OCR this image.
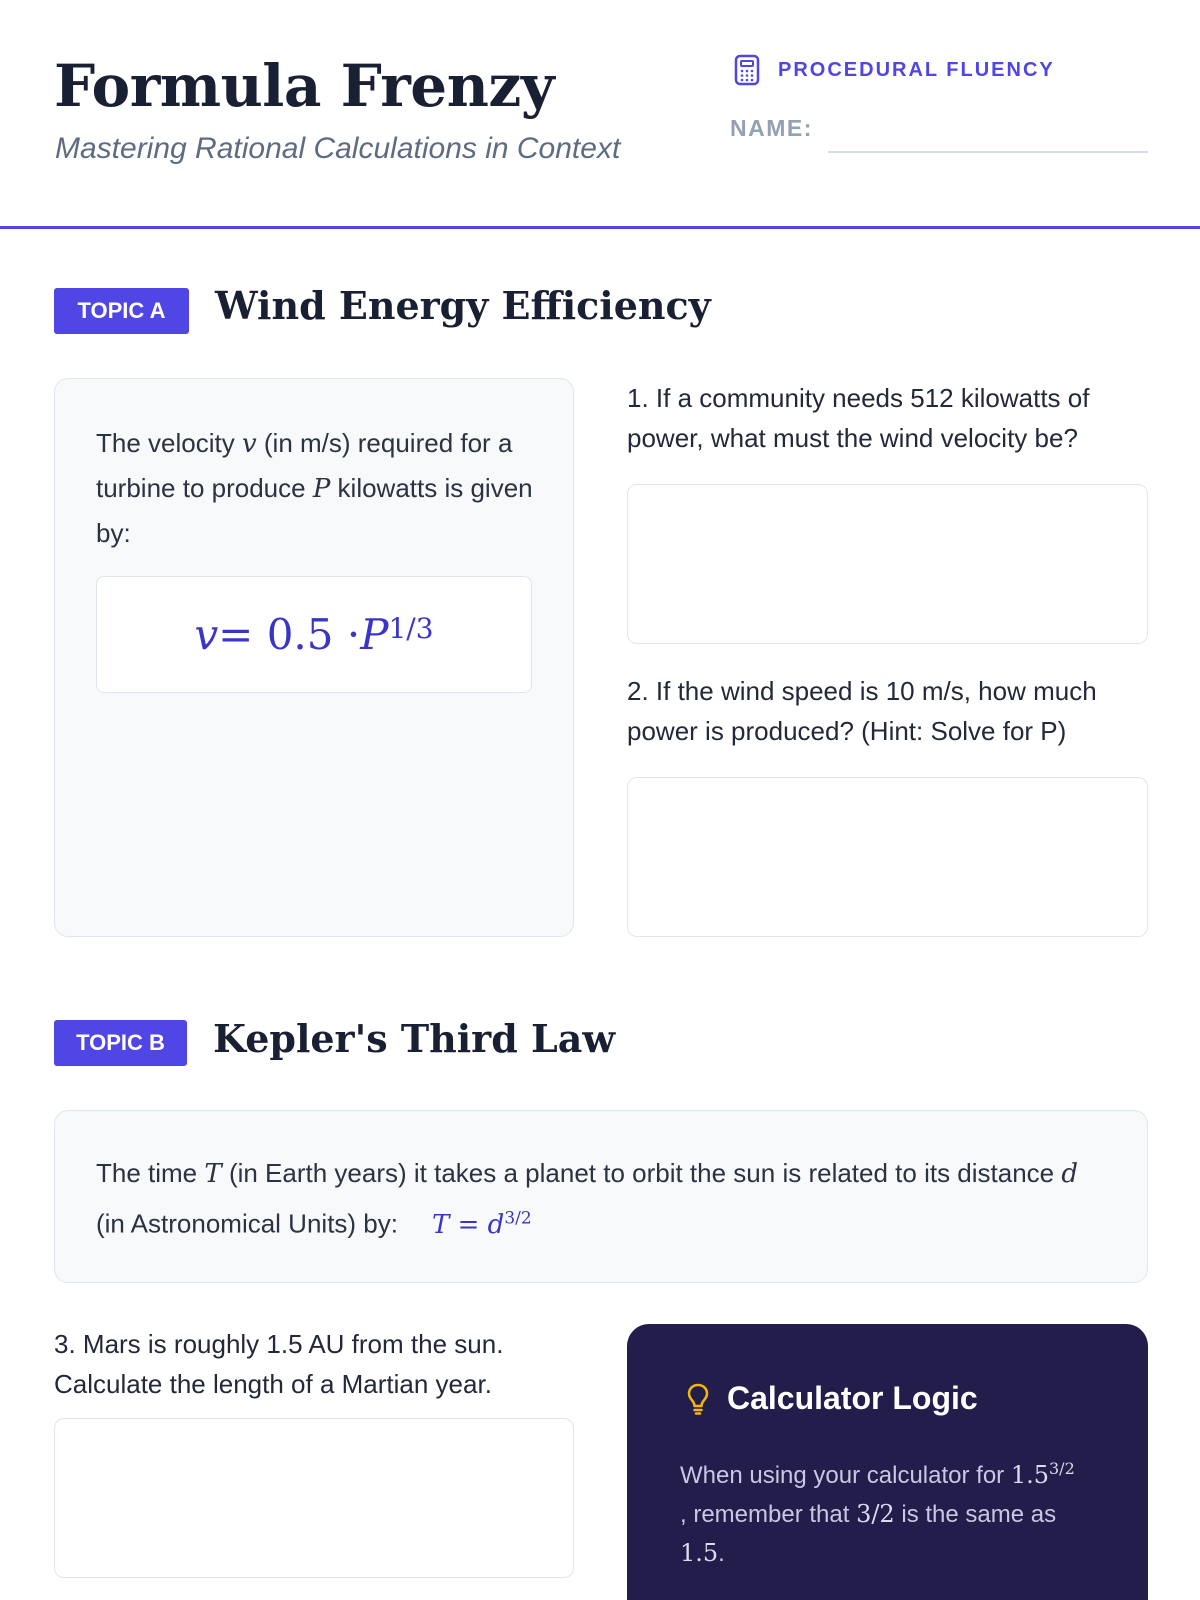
Formula Frenzy
Mastering Rational Calculations in Context
PROCEDURAL FLUENCY
NAME:
TOPIC A	Wind Energy Efficiency
The velocity v (in m/s) required for a turbine to produce P kilowatts is given by:
$v = 0.5 \cdot P^{1/3}$
1. If a community needs 512 kilowatts of power, what must the wind velocity be?
2. If the wind speed is 10 m/s, how much power is produced? (Hint: Solve for P)
TOPIC B	Kepler's Third Law
The time T (in Earth years) it takes a planet to orbit the sun is related to its distance d (in Astronomical Units) by: $T = d^{3/2}$
3. Mars is roughly 1.5 AU from the sun. Calculate the length of a Martian year.	Calculator Logic
When using your calculator for $1.5^{3/2}$
, remember that 3/2 is the same as
1.5.
